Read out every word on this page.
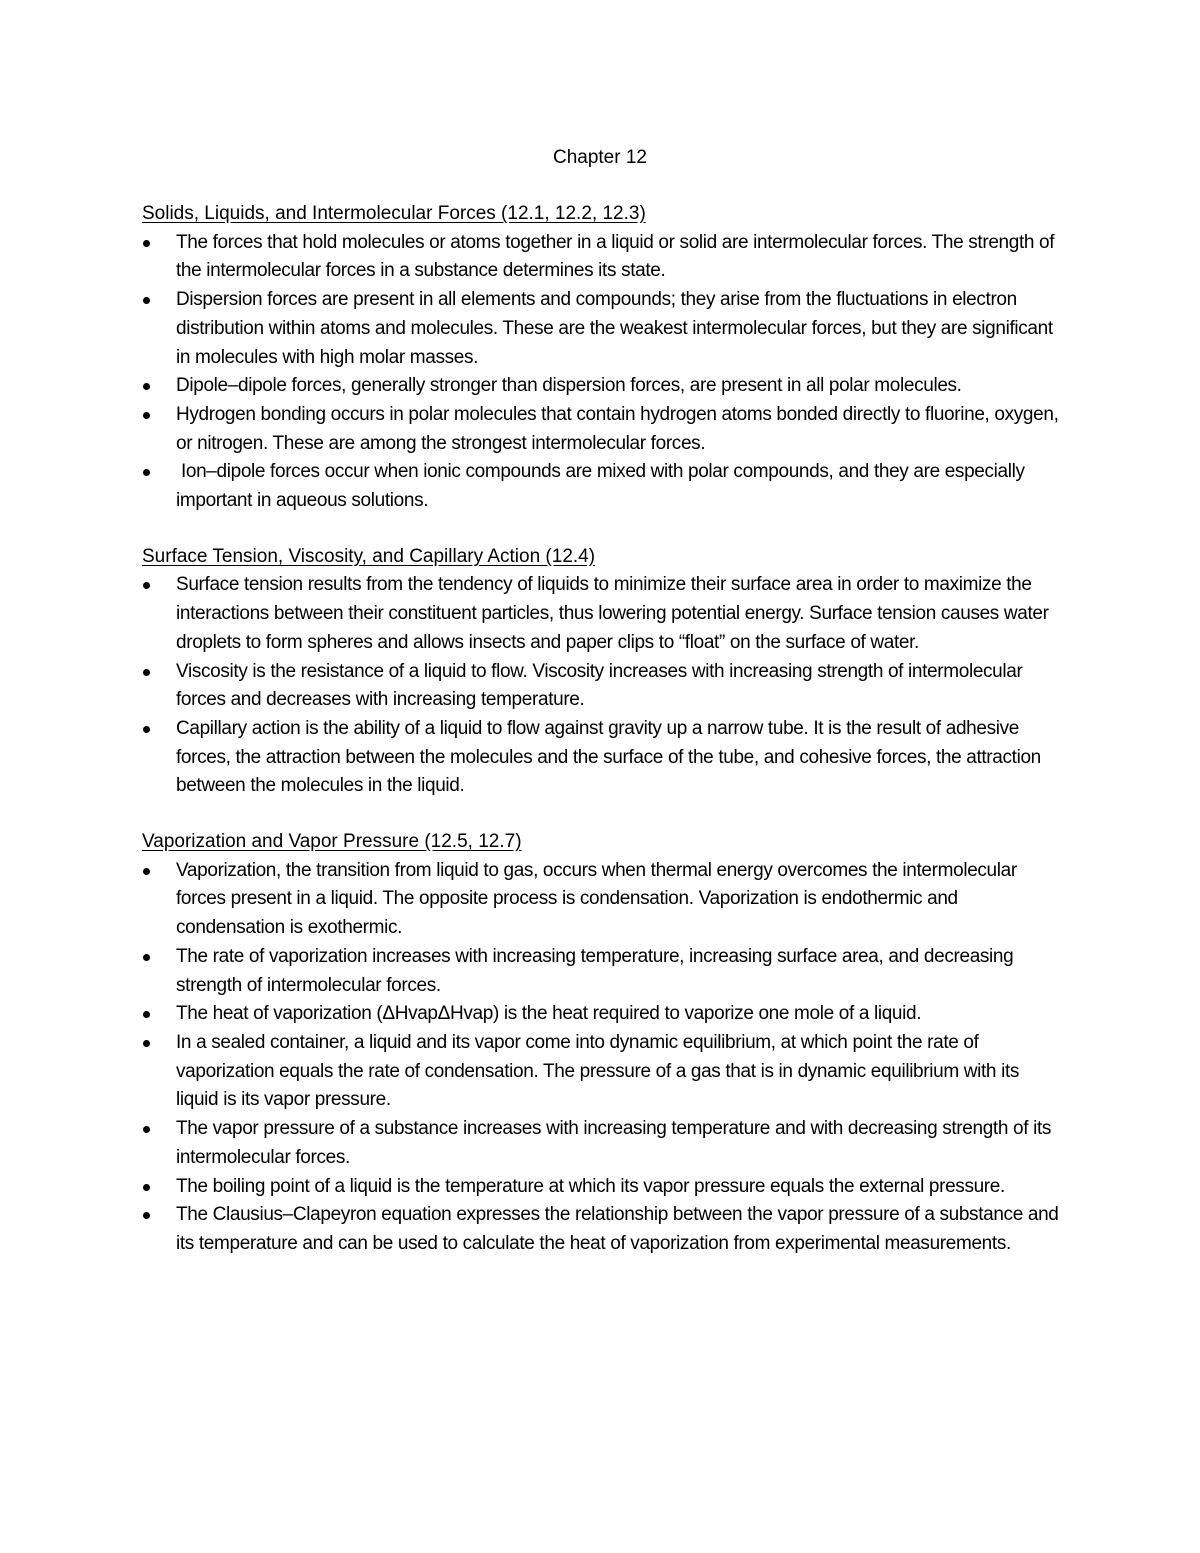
Chapter 12
Solids, Liquids, and Intermolecular Forces (12.1, 12.2, 12.3)
The forces that hold molecules or atoms together in a liquid or solid are intermolecular forces. The strength of the intermolecular forces in a substance determines its state.
Dispersion forces are present in all elements and compounds; they arise from the fluctuations in electron distribution within atoms and molecules. These are the weakest intermolecular forces, but they are significant in molecules with high molar masses.
Dipole–dipole forces, generally stronger than dispersion forces, are present in all polar molecules.
Hydrogen bonding occurs in polar molecules that contain hydrogen atoms bonded directly to fluorine, oxygen, or nitrogen. These are among the strongest intermolecular forces.
Ion–dipole forces occur when ionic compounds are mixed with polar compounds, and they are especially important in aqueous solutions.
Surface Tension, Viscosity, and Capillary Action (12.4)
Surface tension results from the tendency of liquids to minimize their surface area in order to maximize the interactions between their constituent particles, thus lowering potential energy. Surface tension causes water droplets to form spheres and allows insects and paper clips to “float” on the surface of water.
Viscosity is the resistance of a liquid to flow. Viscosity increases with increasing strength of intermolecular forces and decreases with increasing temperature.
Capillary action is the ability of a liquid to flow against gravity up a narrow tube. It is the result of adhesive forces, the attraction between the molecules and the surface of the tube, and cohesive forces, the attraction between the molecules in the liquid.
Vaporization and Vapor Pressure (12.5, 12.7)
Vaporization, the transition from liquid to gas, occurs when thermal energy overcomes the intermolecular forces present in a liquid. The opposite process is condensation. Vaporization is endothermic and condensation is exothermic.
The rate of vaporization increases with increasing temperature, increasing surface area, and decreasing strength of intermolecular forces.
The heat of vaporization (ΔHvapΔHvap) is the heat required to vaporize one mole of a liquid.
In a sealed container, a liquid and its vapor come into dynamic equilibrium, at which point the rate of vaporization equals the rate of condensation. The pressure of a gas that is in dynamic equilibrium with its liquid is its vapor pressure.
The vapor pressure of a substance increases with increasing temperature and with decreasing strength of its intermolecular forces.
The boiling point of a liquid is the temperature at which its vapor pressure equals the external pressure.
The Clausius–Clapeyron equation expresses the relationship between the vapor pressure of a substance and its temperature and can be used to calculate the heat of vaporization from experimental measurements.
